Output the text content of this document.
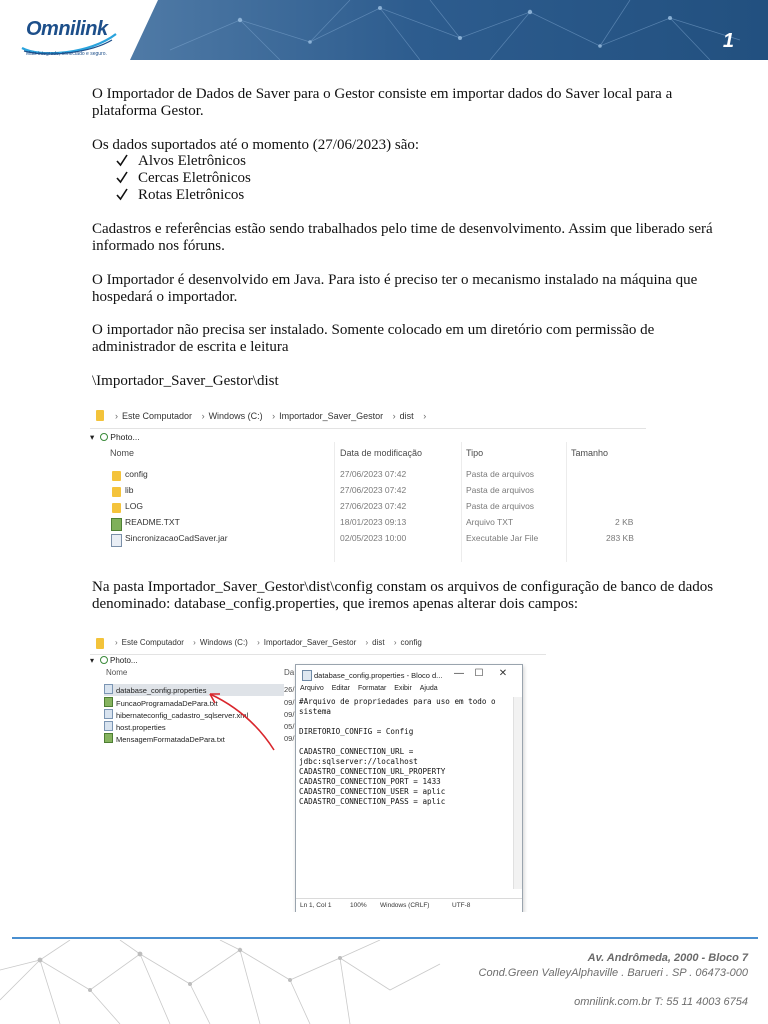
Omnilink
Mais integrado, conectado e seguro.
1

O Importador de Dados de Saver para o Gestor consiste em importar dados do Saver local para a plataforma Gestor.

Os dados suportados até o momento (27/06/2023) são:

Alvos Eletrônicos
Cercas Eletrônicos
Rotas Eletrônicos

Cadastros e referências estão sendo trabalhados pelo time de desenvolvimento. Assim que liberado será informado nos fóruns.

O Importador é desenvolvido em Java. Para isto é preciso ter o mecanismo instalado na máquina que hospedará o importador.

O importador não precisa ser instalado. Somente colocado em um diretório com permissão de administrador de escrita e leitura

\Importador_Saver_Gestor\dist

› Este Computador › Windows (C:) › Importador_Saver_Gestor › dist ›
▾ Photo...
Nome	Data de modificação	Tipo	Tamanho
config	27/06/2023 07:42	Pasta de arquivos
lib	27/06/2023 07:42	Pasta de arquivos
LOG	27/06/2023 07:42	Pasta de arquivos
README.TXT	18/01/2023 09:13	Arquivo TXT	2 KB
SincronizacaoCadSaver.jar	02/05/2023 10:00	Executable Jar File	283 KB

Na pasta Importador_Saver_Gestor\dist\config constam os arquivos de configuração de banco de dados denominado: database_config.properties, que iremos apenas alterar dois campos:

› Este Computador › Windows (C:) › Importador_Saver_Gestor › dist › config
▾ Photo...
Nome	Da
database_config.properties	26/
FuncaoProgramadaDePara.txt	09/
hibernateconfig_cadastro_sqlserver.xml	09/
host.properties	05/
MensagemFormatadaDePara.txt	09/
database_config.properties - Bloco d...	—	☐	✕
Arquivo Editar Formatar Exibir Ajuda
#Arquivo de propriedades para uso em todo o
sistema

DIRETORIO_CONFIG = Config

CADASTRO_CONNECTION_URL =
jdbc:sqlserver://localhost
CADASTRO_CONNECTION_URL_PROPERTY
CADASTRO_CONNECTION_PORT = 1433
CADASTRO_CONNECTION_USER = aplic
CADASTRO_CONNECTION_PASS = aplic
Ln 1, Col 1	100% Windows (CRLF)	UTF-8
Av. Andrômeda, 2000 - Bloco 7
Cond.Green ValleyAlphaville . Barueri . SP . 06473-000
omnilink.com.br T: 55 11 4003 6754
